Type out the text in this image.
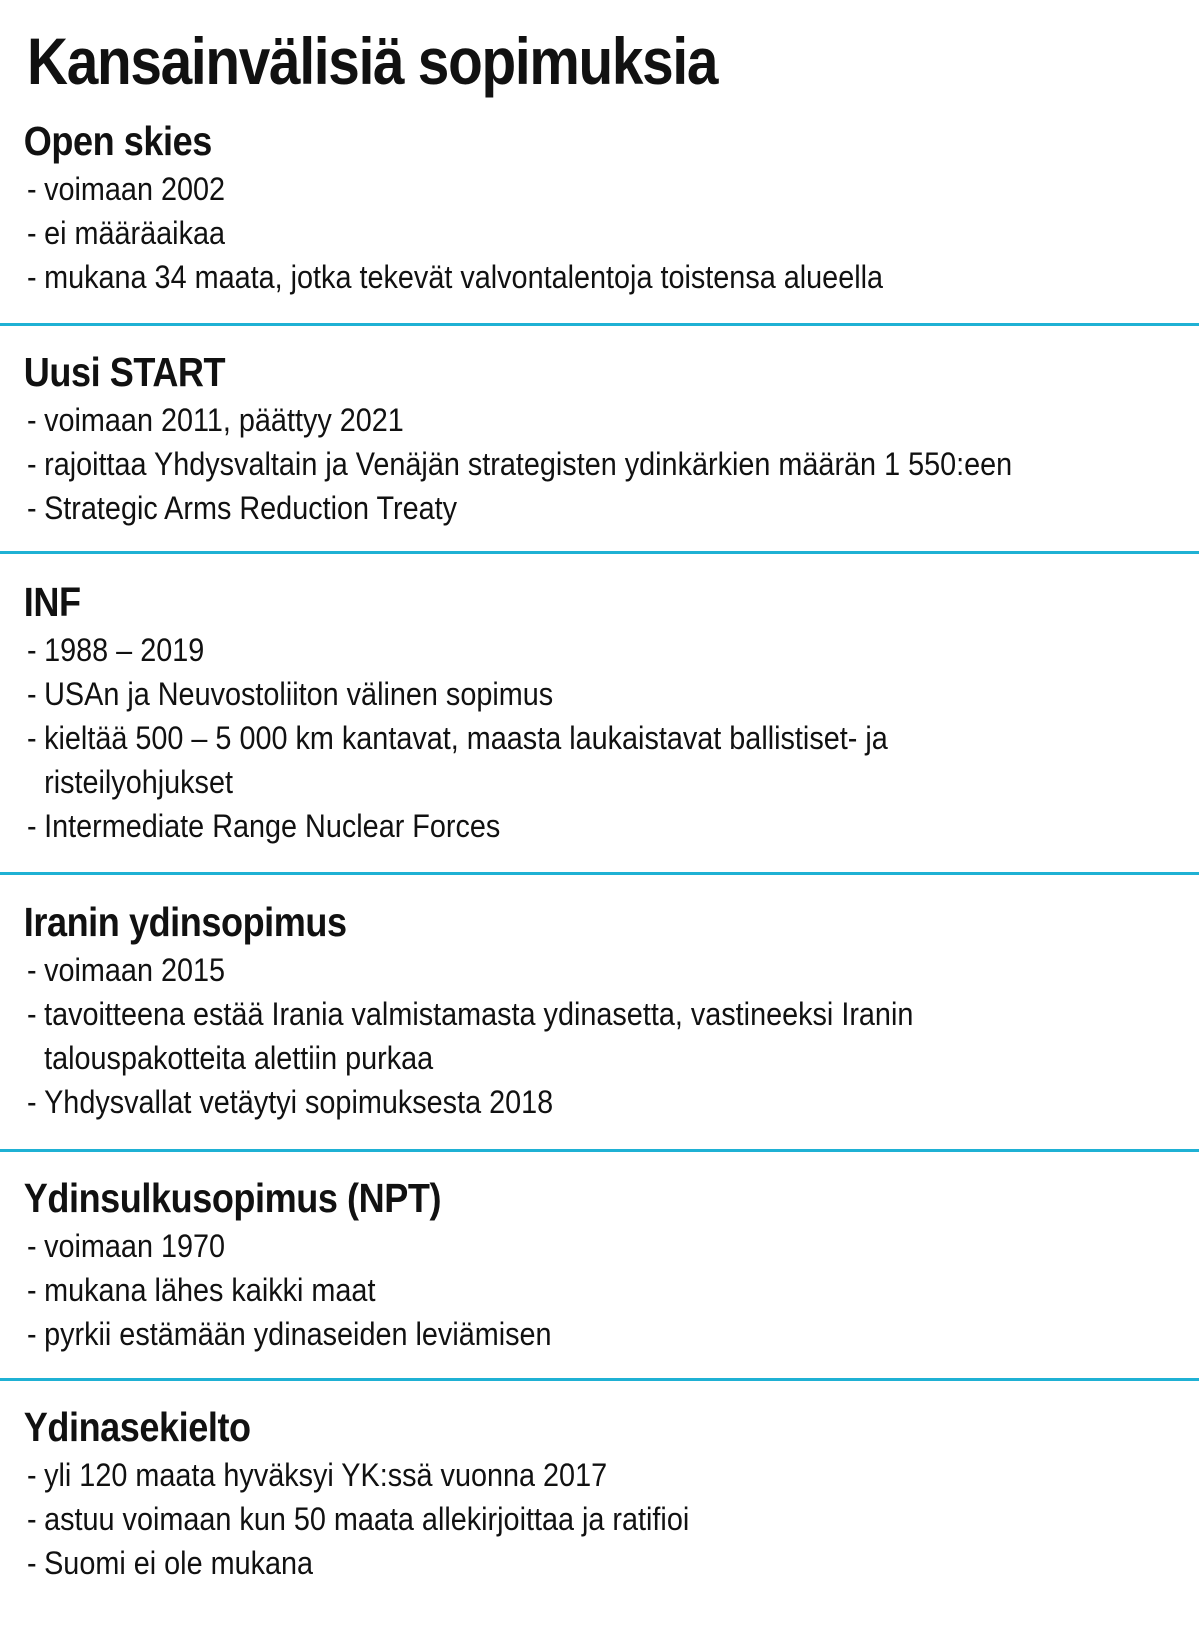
Kansainvälisiä sopimuksia
Open skies
- voimaan 2002
- ei määräaikaa
- mukana 34 maata, jotka tekevät valvontalentoja toistensa alueella
Uusi START
- voimaan 2011, päättyy 2021
- rajoittaa Yhdysvaltain ja Venäjän strategisten ydinkärkien määrän 1 550:een
- Strategic Arms Reduction Treaty
INF
- 1988 – 2019
- USAn ja Neuvostoliiton välinen sopimus
- kieltää 500 – 5 000 km kantavat, maasta laukaistavat ballistiset- ja
risteilyohjukset
- Intermediate Range Nuclear Forces
Iranin ydinsopimus
- voimaan 2015
- tavoitteena estää Irania valmistamasta ydinasetta, vastineeksi Iranin
talouspakotteita alettiin purkaa
- Yhdysvallat vetäytyi sopimuksesta 2018
Ydinsulkusopimus (NPT)
- voimaan 1970
- mukana lähes kaikki maat
- pyrkii estämään ydinaseiden leviämisen
Ydinasekielto
- yli 120 maata hyväksyi YK:ssä vuonna 2017
- astuu voimaan kun 50 maata allekirjoittaa ja ratifioi
- Suomi ei ole mukana
